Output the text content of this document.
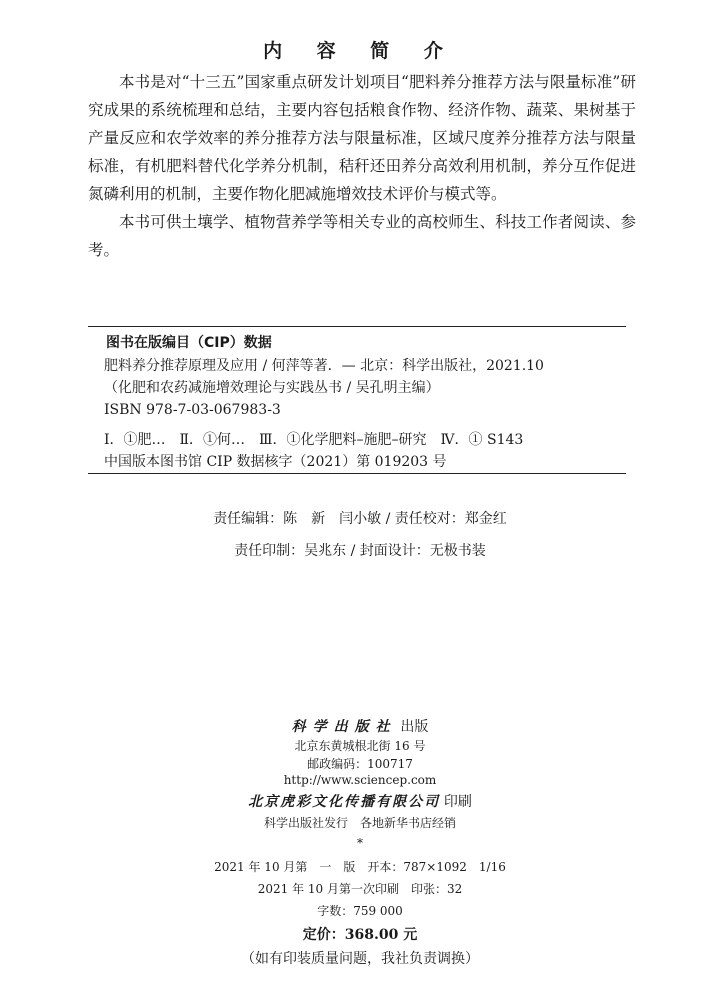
内 容 简 介

本书是对“十三五”国家重点研发计划项目“肥料养分推荐方法与限量标准”研究成果的系统梳理和总结，主要内容包括粮食作物、经济作物、蔬菜、果树基于产量反应和农学效率的养分推荐方法与限量标准，区域尺度养分推荐方法与限量标准，有机肥料替代化学养分机制，秸秆还田养分高效利用机制，养分互作促进氮磷利用的机制，主要作物化肥减施增效技术评价与模式等。

本书可供土壤学、植物营养学等相关专业的高校师生、科技工作者阅读、参考。

图书在版编目（CIP）数据
肥料养分推荐原理及应用 / 何萍等著．— 北京：科学出版社，2021.10
（化肥和农药减施增效理论与实践丛书 / 吴孔明主编）
ISBN 978-7-03-067983-3
Ⅰ．①肥…　Ⅱ．①何…　Ⅲ．①化学肥料–施肥–研究　Ⅳ．① S143
中国版本图书馆 CIP 数据核字（2021）第 019203 号
责任编辑：陈　新　闫小敏 / 责任校对：郑金红
责任印制：吴兆东 / 封面设计：无极书装
科学出版社 出版
北京东黄城根北街 16 号
邮政编码：100717
http://www.sciencep.com
北京虎彩文化传播有限公司 印刷
科学出版社发行　各地新华书店经销
*
2021 年 10 月第　一　版　开本：787×1092　1/16
2021 年 10 月第一次印刷　印张：32
字数：759 000
定价：368.00 元
（如有印装质量问题，我社负责调换）
